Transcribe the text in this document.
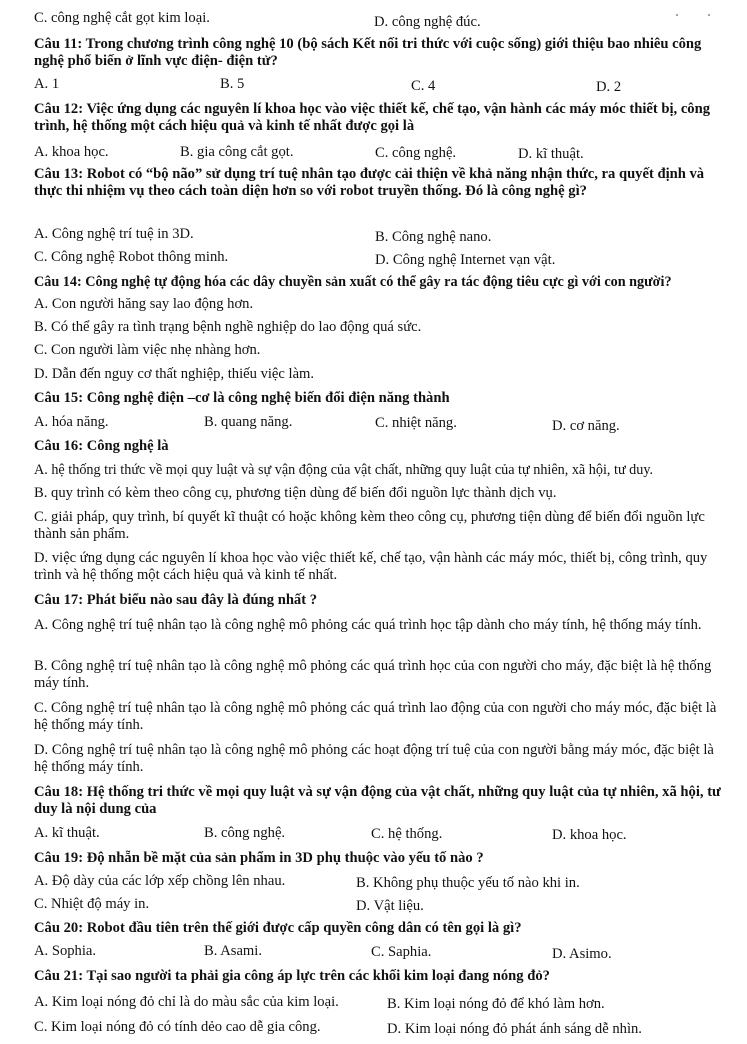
C. công nghệ cắt gọt kim loại.	D. công nghệ đúc.
Câu 11: Trong chương trình công nghệ 10 (bộ sách Kết nối tri thức với cuộc sống) giới thiệu bao nhiêu công nghệ phổ biến ở lĩnh vực điện- điện tử?
A. 1	B. 5	C. 4	D. 2
Câu 12: Việc ứng dụng các nguyên lí khoa học vào việc thiết kế, chế tạo, vận hành các máy móc thiết bị, công trình, hệ thống một cách hiệu quả và kinh tế nhất được gọi là
A. khoa học.	B. gia công cắt gọt.	C. công nghệ.	D. kĩ thuật.
Câu 13: Robot có “bộ não” sử dụng trí tuệ nhân tạo được cải thiện về khả năng nhận thức, ra quyết định và thực thi nhiệm vụ theo cách toàn diện hơn so với robot truyền thống. Đó là công nghệ gì?
A. Công nghệ trí tuệ in 3D.	B. Công nghệ nano.
C. Công nghệ Robot thông minh.	D. Công nghệ Internet vạn vật.
Câu 14: Công nghệ tự động hóa các dây chuyền sản xuất có thể gây ra tác động tiêu cực gì với con người?
A. Con người hăng say lao động hơn.
B. Có thể gây ra tình trạng bệnh nghề nghiệp do lao động quá sức.
C. Con người làm việc nhẹ nhàng hơn.
D. Dẫn đến nguy cơ thất nghiệp, thiếu việc làm.
Câu 15: Công nghệ điện –cơ là công nghệ biến đổi điện năng thành
A. hóa năng.	B. quang năng.	C. nhiệt năng.	D. cơ năng.
Câu 16: Công nghệ là
A. hệ thống tri thức về mọi quy luật và sự vận động của vật chất, những quy luật của tự nhiên, xã hội, tư duy.
B. quy trình có kèm theo công cụ, phương tiện dùng để biến đổi nguồn lực thành dịch vụ.
C. giải pháp, quy trình, bí quyết kĩ thuật có hoặc không kèm theo công cụ, phương tiện dùng để biến đổi nguồn lực thành sản phẩm.
D. việc ứng dụng các nguyên lí khoa học vào việc thiết kế, chế tạo, vận hành các máy móc, thiết bị, công trình, quy trình và hệ thống một cách hiệu quả và kinh tế nhất.
Câu 17: Phát biểu nào sau đây là đúng nhất ?
A. Công nghệ trí tuệ nhân tạo là công nghệ mô phỏng các quá trình học tập dành cho máy tính, hệ thống máy tính.
B. Công nghệ trí tuệ nhân tạo là công nghệ mô phỏng các quá trình học của con người cho máy, đặc biệt là hệ thống máy tính.
C. Công nghệ trí tuệ nhân tạo là công nghệ mô phỏng các quá trình lao động của con người cho máy móc, đặc biệt là hệ thống máy tính.
D. Công nghệ trí tuệ nhân tạo là công nghệ mô phỏng các hoạt động trí tuệ của con người bằng máy móc, đặc biệt là hệ thống máy tính.
Câu 18: Hệ thống tri thức về mọi quy luật và sự vận động của vật chất, những quy luật của tự nhiên, xã hội, tư duy là nội dung của
A. kĩ thuật.	B. công nghệ.	C. hệ thống.	D. khoa học.
Câu 19: Độ nhẵn bề mặt của sản phẩm in 3D phụ thuộc vào yếu tố nào ?
A. Độ dày của các lớp xếp chồng lên nhau.	B. Không phụ thuộc yếu tố nào khi in.
C. Nhiệt độ máy in.	D. Vật liệu.
Câu 20: Robot đầu tiên trên thế giới được cấp quyền công dân có tên gọi là gì?
A. Sophia.	B. Asami.	C. Saphia.	D. Asimo.
Câu 21: Tại sao người ta phải gia công áp lực trên các khối kim loại đang nóng đỏ?
A. Kim loại nóng đỏ chỉ là do màu sắc của kim loại.	B. Kim loại nóng đỏ để khó làm hơn.
C. Kim loại nóng đỏ có tính dẻo cao dễ gia công.	D. Kim loại nóng đỏ phát ánh sáng dễ nhìn.
